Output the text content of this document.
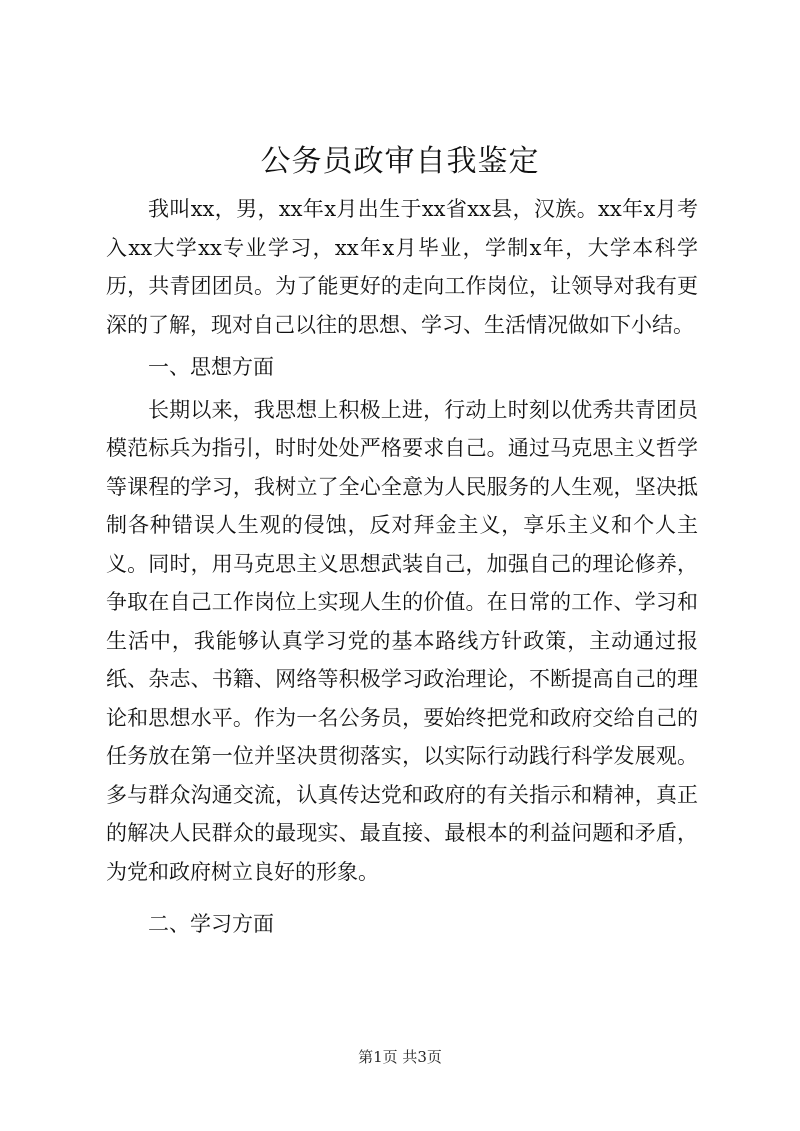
公务员政审自我鉴定

我叫xx，男，xx年x月出生于xx省xx县，汉族。xx年x月考入xx大学xx专业学习，xx年x月毕业，学制x年，大学本科学历，共青团团员。为了能更好的走向工作岗位，让领导对我有更深的了解，现对自己以往的思想、学习、生活情况做如下小结。

一、思想方面

长期以来，我思想上积极上进，行动上时刻以优秀共青团员模范标兵为指引，时时处处严格要求自己。通过马克思主义哲学等课程的学习，我树立了全心全意为人民服务的人生观，坚决抵制各种错误人生观的侵蚀，反对拜金主义，享乐主义和个人主义。同时，用马克思主义思想武装自己，加强自己的理论修养，争取在自己工作岗位上实现人生的价值。在日常的工作、学习和生活中，我能够认真学习党的基本路线方针政策，主动通过报纸、杂志、书籍、网络等积极学习政治理论，不断提高自己的理论和思想水平。作为一名公务员，要始终把党和政府交给自己的任务放在第一位并坚决贯彻落实，以实际行动践行科学发展观。多与群众沟通交流，认真传达党和政府的有关指示和精神，真正的解决人民群众的最现实、最直接、最根本的利益问题和矛盾，为党和政府树立良好的形象。

二、学习方面

第1页 共3页
